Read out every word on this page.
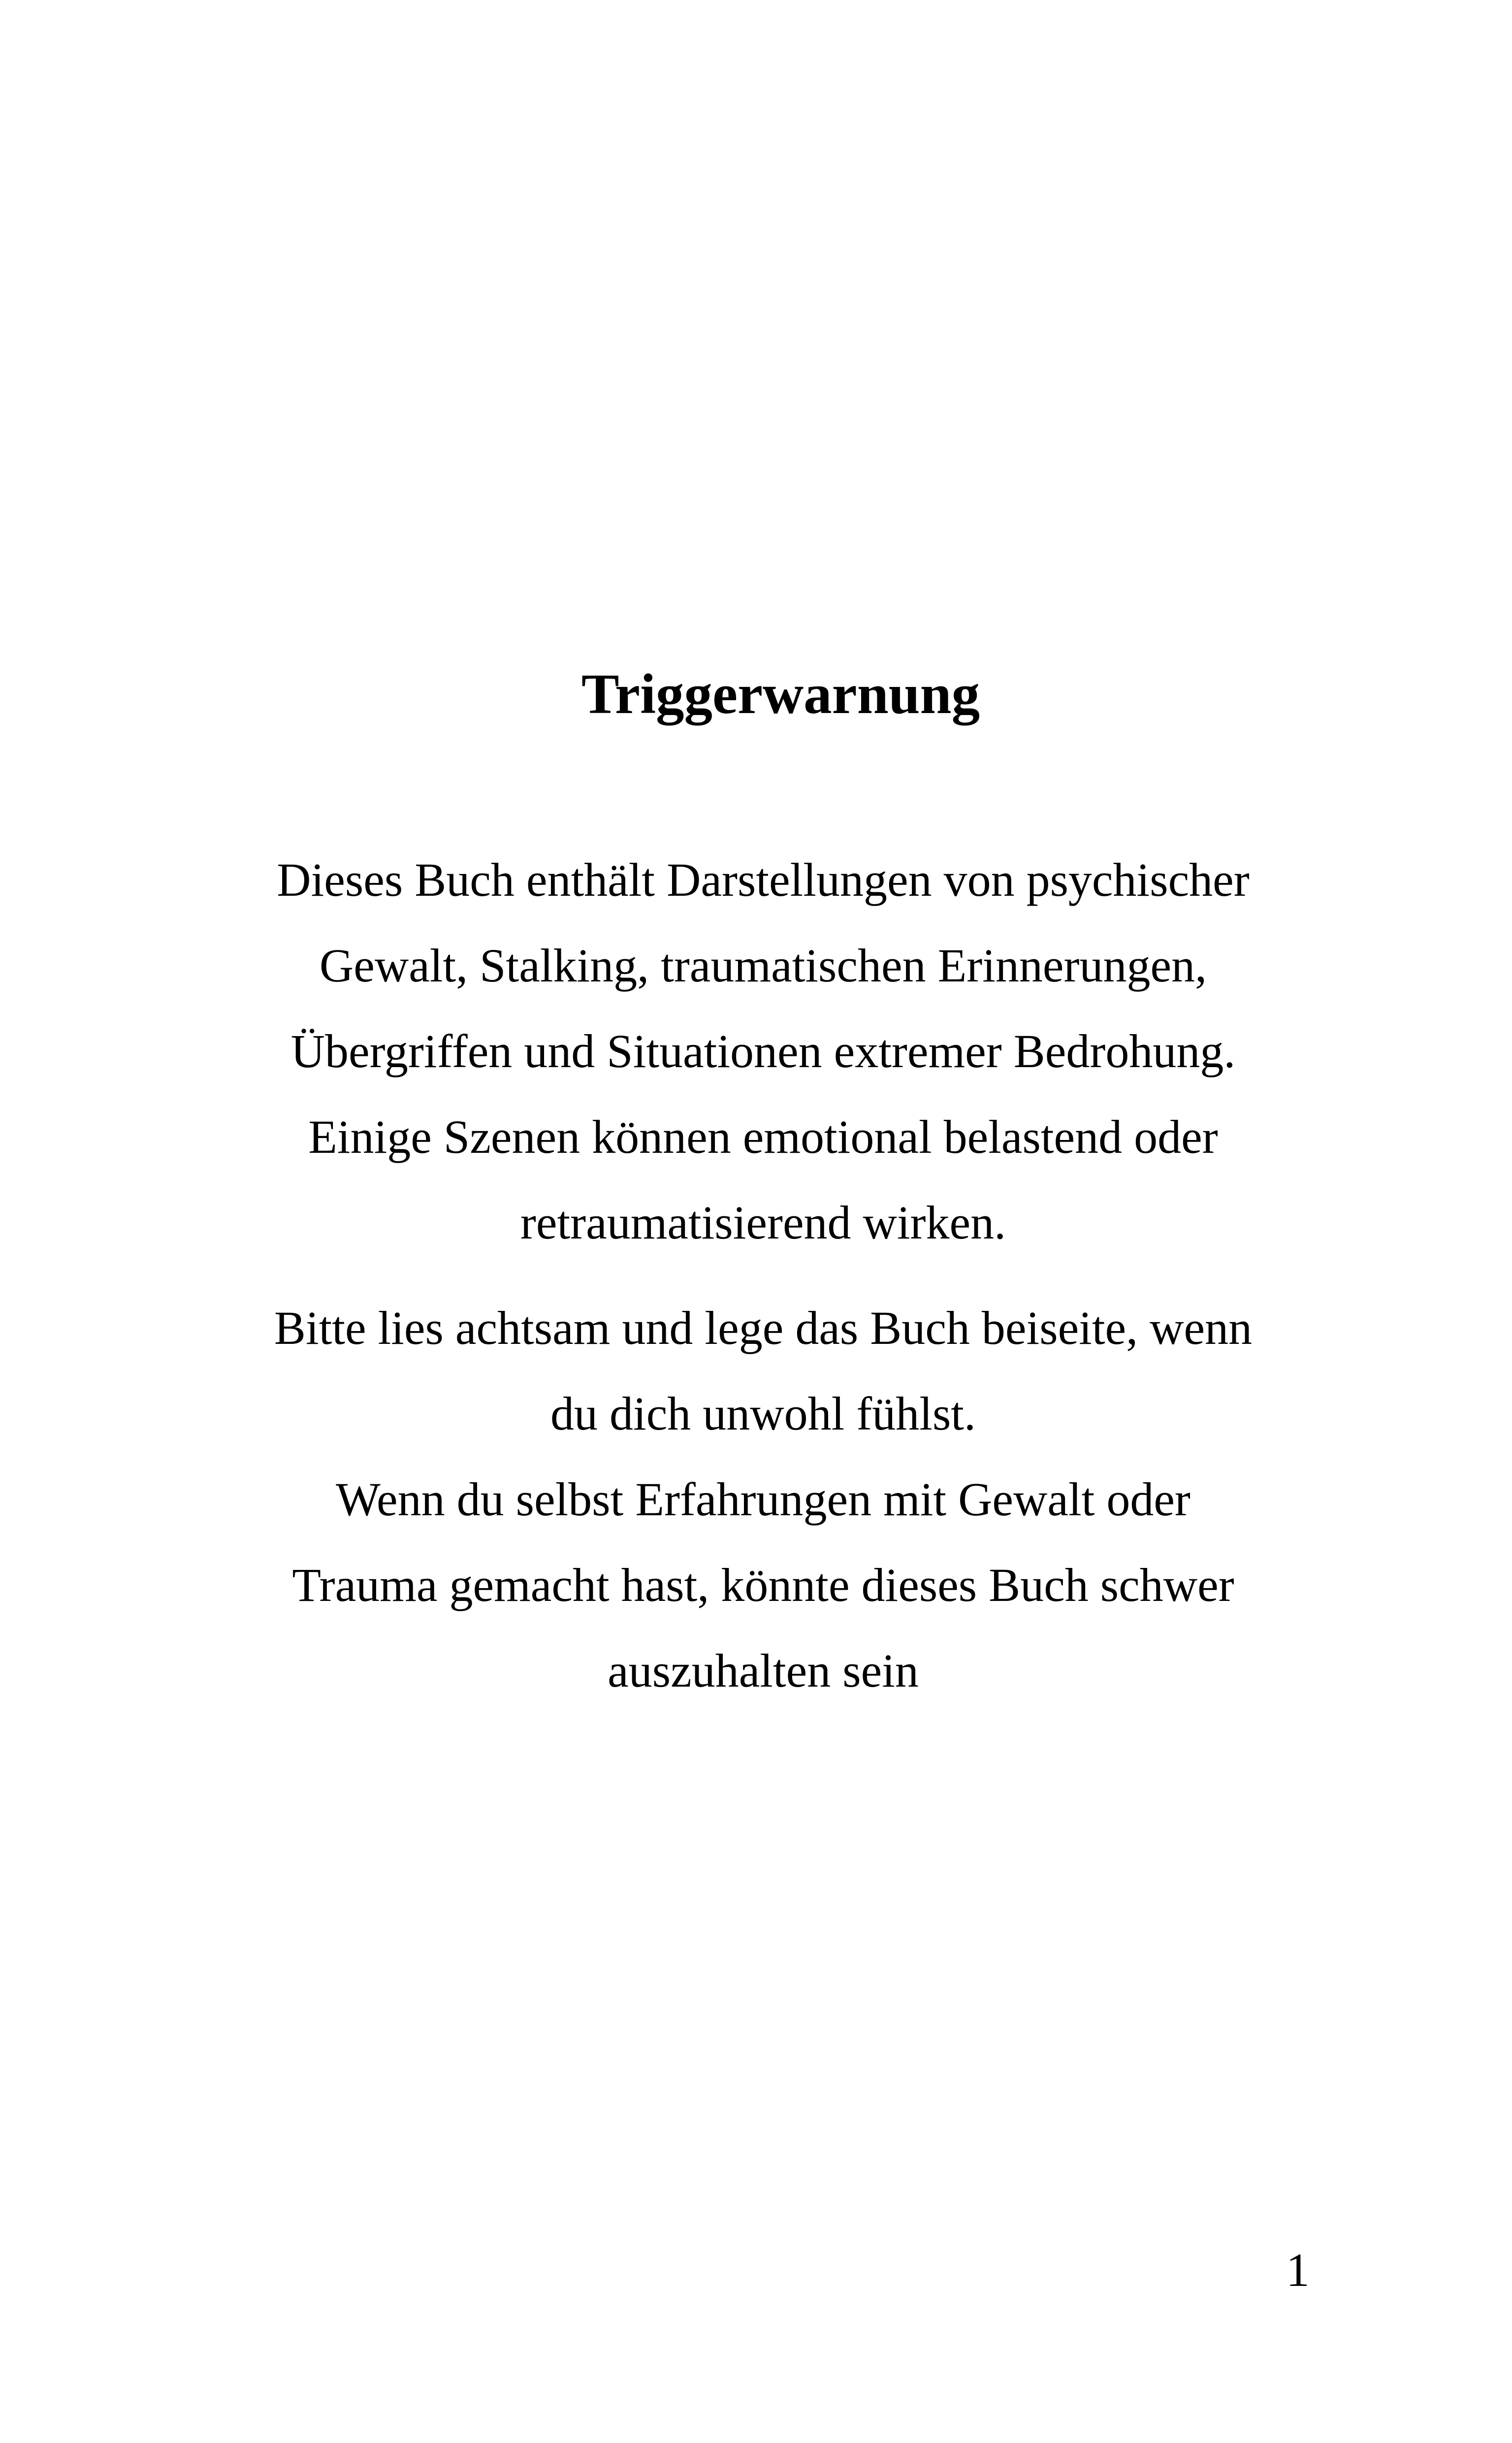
Triggerwarnung

Dieses Buch enthält Darstellungen von psychischer
Gewalt, Stalking, traumatischen Erinnerungen,
Übergriffen und Situationen extremer Bedrohung.
Einige Szenen können emotional belastend oder
retraumatisierend wirken.

Bitte lies achtsam und lege das Buch beiseite, wenn
du dich unwohl fühlst.

Wenn du selbst Erfahrungen mit Gewalt oder
Trauma gemacht hast, könnte dieses Buch schwer
auszuhalten sein

1
